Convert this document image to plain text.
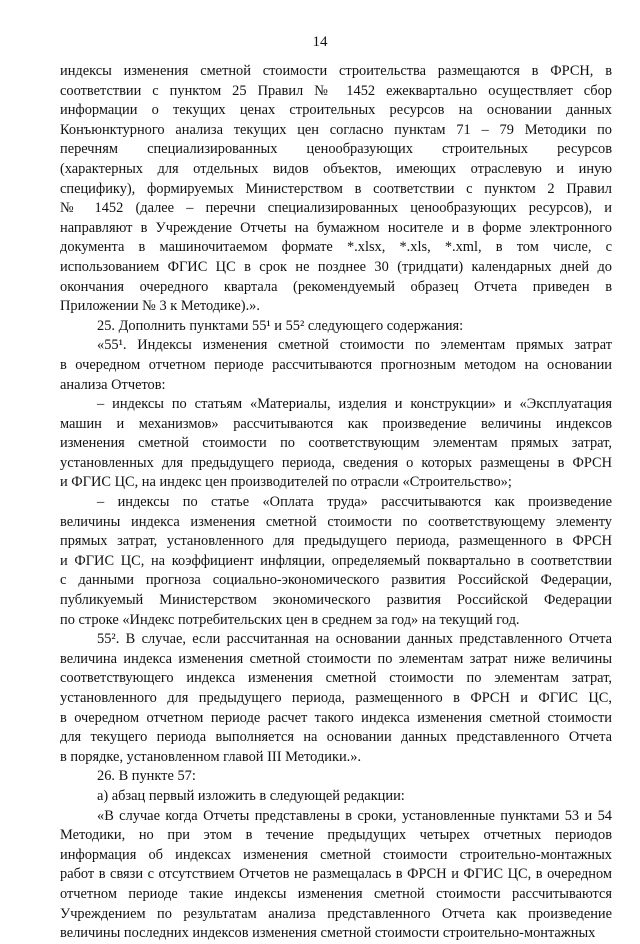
14
индексы изменения сметной стоимости строительства размещаются в ФРСН, в
соответствии с пунктом 25 Правил № 1452 ежеквартально осуществляет сбор
информации о текущих ценах строительных ресурсов на основании данных
Конъюнктурного анализа текущих цен согласно пунктам 71 – 79 Методики по
перечням специализированных ценообразующих строительных ресурсов
(характерных для отдельных видов объектов, имеющих отраслевую и иную
специфику), формируемых Министерством в соответствии с пунктом 2 Правил
№ 1452 (далее – перечни специализированных ценообразующих ресурсов), и
направляют в Учреждение Отчеты на бумажном носителе и в форме электронного
документа в машиночитаемом формате *.xlsx, *.xls, *.xml, в том числе, с
использованием ФГИС ЦС в срок не позднее 30 (тридцати) календарных дней до
окончания очередного квартала (рекомендуемый образец Отчета приведен в
Приложении № 3 к Методике).».
25. Дополнить пунктами 55¹ и 55² следующего содержания:
«55¹. Индексы изменения сметной стоимости по элементам прямых затрат
в очередном отчетном периоде рассчитываются прогнозным методом на основании
анализа Отчетов:
– индексы по статьям «Материалы, изделия и конструкции» и «Эксплуатация
машин и механизмов» рассчитываются как произведение величины индексов
изменения сметной стоимости по соответствующим элементам прямых затрат,
установленных для предыдущего периода, сведения о которых размещены в ФРСН
и ФГИС ЦС, на индекс цен производителей по отрасли «Строительство»;
– индексы по статье «Оплата труда» рассчитываются как произведение
величины индекса изменения сметной стоимости по соответствующему элементу
прямых затрат, установленного для предыдущего периода, размещенного в ФРСН
и ФГИС ЦС, на коэффициент инфляции, определяемый поквартально в соответствии
с данными прогноза социально-экономического развития Российской Федерации,
публикуемый Министерством экономического развития Российской Федерации
по строке «Индекс потребительских цен в среднем за год» на текущий год.
55². В случае, если рассчитанная на основании данных представленного Отчета
величина индекса изменения сметной стоимости по элементам затрат ниже величины
соответствующего индекса изменения сметной стоимости по элементам затрат,
установленного для предыдущего периода, размещенного в ФРСН и ФГИС ЦС,
в очередном отчетном периоде расчет такого индекса изменения сметной стоимости
для текущего периода выполняется на основании данных представленного Отчета
в порядке, установленном главой III Методики.».
26. В пункте 57:
а) абзац первый изложить в следующей редакции:
«В случае когда Отчеты представлены в сроки, установленные пунктами 53 и 54
Методики, но при этом в течение предыдущих четырех отчетных периодов
информация об индексах изменения сметной стоимости строительно-монтажных
работ в связи с отсутствием Отчетов не размещалась в ФРСН и ФГИС ЦС, в очередном
отчетном периоде такие индексы изменения сметной стоимости рассчитываются
Учреждением по результатам анализа представленного Отчета как произведение
величины последних индексов изменения сметной стоимости строительно-монтажных
